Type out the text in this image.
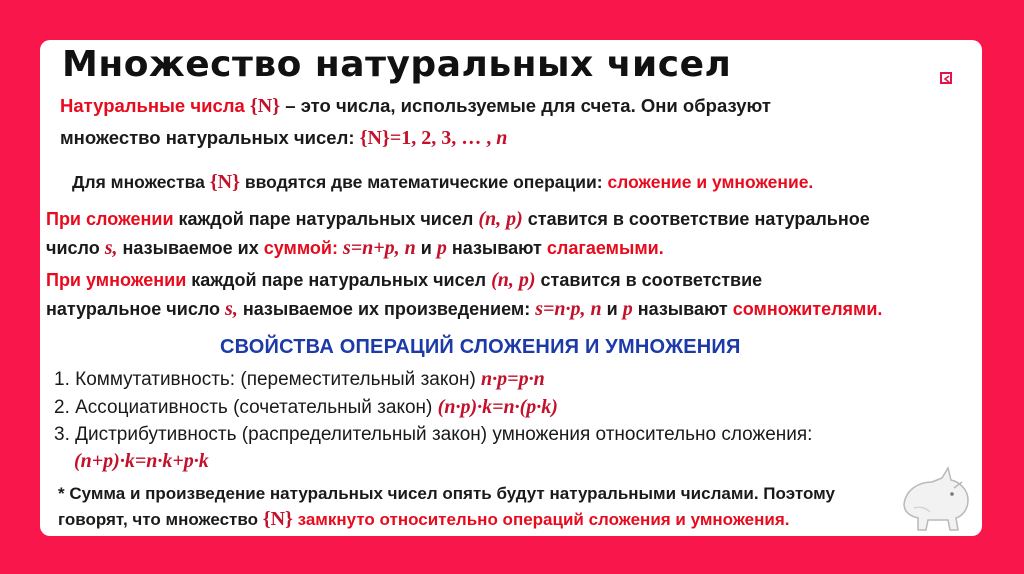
Множество натуральных чисел
Натуральные числа {N} – это числа, используемые для счета. Они образуют
множество натуральных чисел: {N}=1, 2, 3, … , n
Для множества {N} вводятся две математические операции: сложение и умножение.
При сложении каждой паре натуральных чисел (n, p) ставится в соответствие натуральное
число s, называемое их суммой: s=n+p, n и p называют слагаемыми.
При умножении каждой паре натуральных чисел (n, p) ставится в соответствие
натуральное число s, называемое их произведением: s=n·p, n и p называют сомножителями.
СВОЙСТВА ОПЕРАЦИЙ СЛОЖЕНИЯ И УМНОЖЕНИЯ
1. Коммутативность: (переместительный закон) n·p=p·n
2. Ассоциативность (сочетательный закон) (n·p)·k=n·(p·k)
3. Дистрибутивность (распределительный закон) умножения относительно сложения:
(n+p)·k=n·k+p·k
* Сумма и произведение натуральных чисел опять будут натуральными числами. Поэтому
говорят, что множество {N} замкнуто относительно операций сложения и умножения.
